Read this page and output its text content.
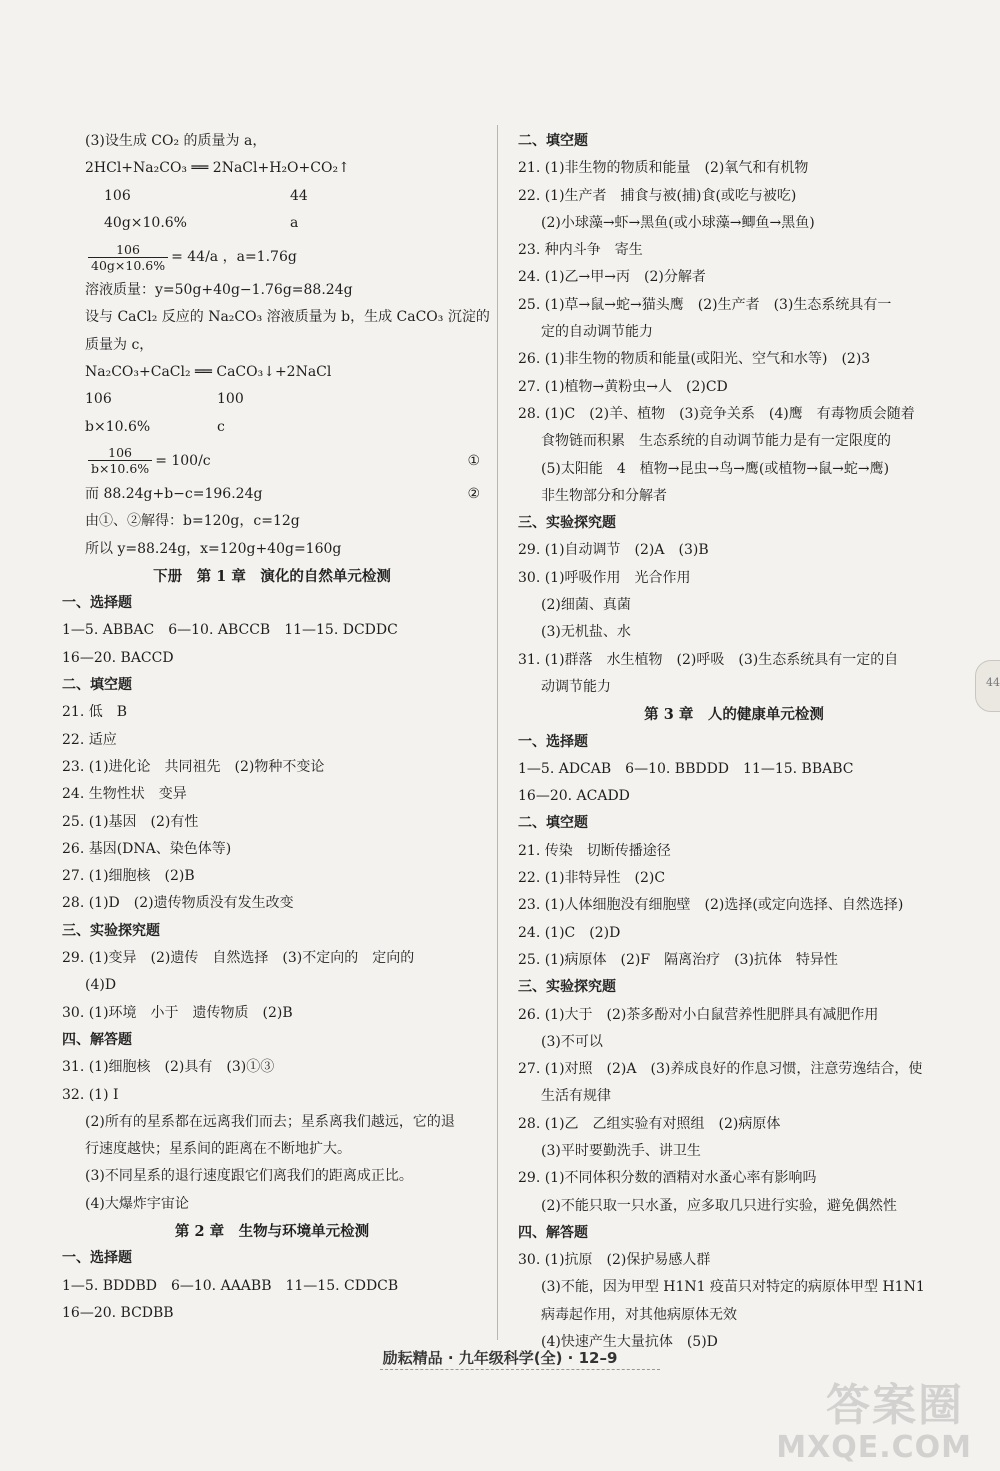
(3)设生成 CO₂ 的质量为 a，
2HCl+Na₂CO₃ ══ 2NaCl+H₂O+CO₂↑
106	44
40g×10.6%	a
$\frac{106}{40g\times 10.6\%} = 44/a$ ，a=1.76g
溶液质量：y=50g+40g−1.76g=88.24g
设与 CaCl₂ 反应的 Na₂CO₃ 溶液质量为 b，生成 CaCO₃ 沉淀的
质量为 c，
Na₂CO₃+CaCl₂ ══ CaCO₃↓+2NaCl
106	100
b×10.6%	c
$\frac{106}{b\times 10.6\%} = 100/c$	①
而 88.24g+b−c=196.24g	②
由①、②解得：b=120g，c=12g
所以 y=88.24g，x=120g+40g=160g
下册　第 1 章　演化的自然单元检测
一、选择题
1—5. ABBAC　6—10. ABCCB　11—15. DCDDC
16—20. BACCD
二、填空题
21. 低　B
22. 适应
23. (1)进化论　共同祖先　(2)物种不变论
24. 生物性状　变异
25. (1)基因　(2)有性
26. 基因(DNA、染色体等)
27. (1)细胞核　(2)B
28. (1)D　(2)遗传物质没有发生改变
三、实验探究题
29. (1)变异　(2)遗传　自然选择　(3)不定向的　定向的
(4)D
30. (1)环境　小于　遗传物质　(2)B
四、解答题
31. (1)细胞核　(2)具有　(3)①③
32. (1) Ⅰ
(2)所有的星系都在远离我们而去；星系离我们越远，它的退
行速度越快；星系间的距离在不断地扩大。
(3)不同星系的退行速度跟它们离我们的距离成正比。
(4)大爆炸宇宙论
第 2 章　生物与环境单元检测
一、选择题
1—5. BDDBD　6—10. AAABB　11—15. CDDCB
16—20. BCDBB
二、填空题
21. (1)非生物的物质和能量　(2)氧气和有机物
22. (1)生产者　捕食与被(捕)食(或吃与被吃)
(2)小球藻→虾→黑鱼(或小球藻→鲫鱼→黑鱼)
23. 种内斗争　寄生
24. (1)乙→甲→丙　(2)分解者
25. (1)草→鼠→蛇→猫头鹰　(2)生产者　(3)生态系统具有一
定的自动调节能力
26. (1)非生物的物质和能量(或阳光、空气和水等)　(2)3
27. (1)植物→黄粉虫→人　(2)CD
28. (1)C　(2)羊、植物　(3)竞争关系　(4)鹰　有毒物质会随着
食物链而积累　生态系统的自动调节能力是有一定限度的
(5)太阳能　4　植物→昆虫→鸟→鹰(或植物→鼠→蛇→鹰)
非生物部分和分解者
三、实验探究题
29. (1)自动调节　(2)A　(3)B
30. (1)呼吸作用　光合作用
(2)细菌、真菌
(3)无机盐、水
31. (1)群落　水生植物　(2)呼吸　(3)生态系统具有一定的自
动调节能力
第 3 章　人的健康单元检测
一、选择题
1—5. ADCAB　6—10. BBDDD　11—15. BBABC
16—20. ACADD
二、填空题
21. 传染　切断传播途径
22. (1)非特异性　(2)C
23. (1)人体细胞没有细胞壁　(2)选择(或定向选择、自然选择)
24. (1)C　(2)D
25. (1)病原体　(2)F　隔离治疗　(3)抗体　特异性
三、实验探究题
26. (1)大于　(2)茶多酚对小白鼠营养性肥胖具有减肥作用
(3)不可以
27. (1)对照　(2)A　(3)养成良好的作息习惯，注意劳逸结合，使
生活有规律
28. (1)乙　乙组实验有对照组　(2)病原体
(3)平时要勤洗手、讲卫生
29. (1)不同体积分数的酒精对水蚤心率有影响吗
(2)不能只取一只水蚤，应多取几只进行实验，避免偶然性
四、解答题
30. (1)抗原　(2)保护易感人群
(3)不能，因为甲型 H1N1 疫苗只对特定的病原体甲型 H1N1
病毒起作用，对其他病原体无效
(4)快速产生大量抗体　(5)D
44
励耘精品 · 九年级科学(全) · 12–9
答案圈
MXQE.COM
